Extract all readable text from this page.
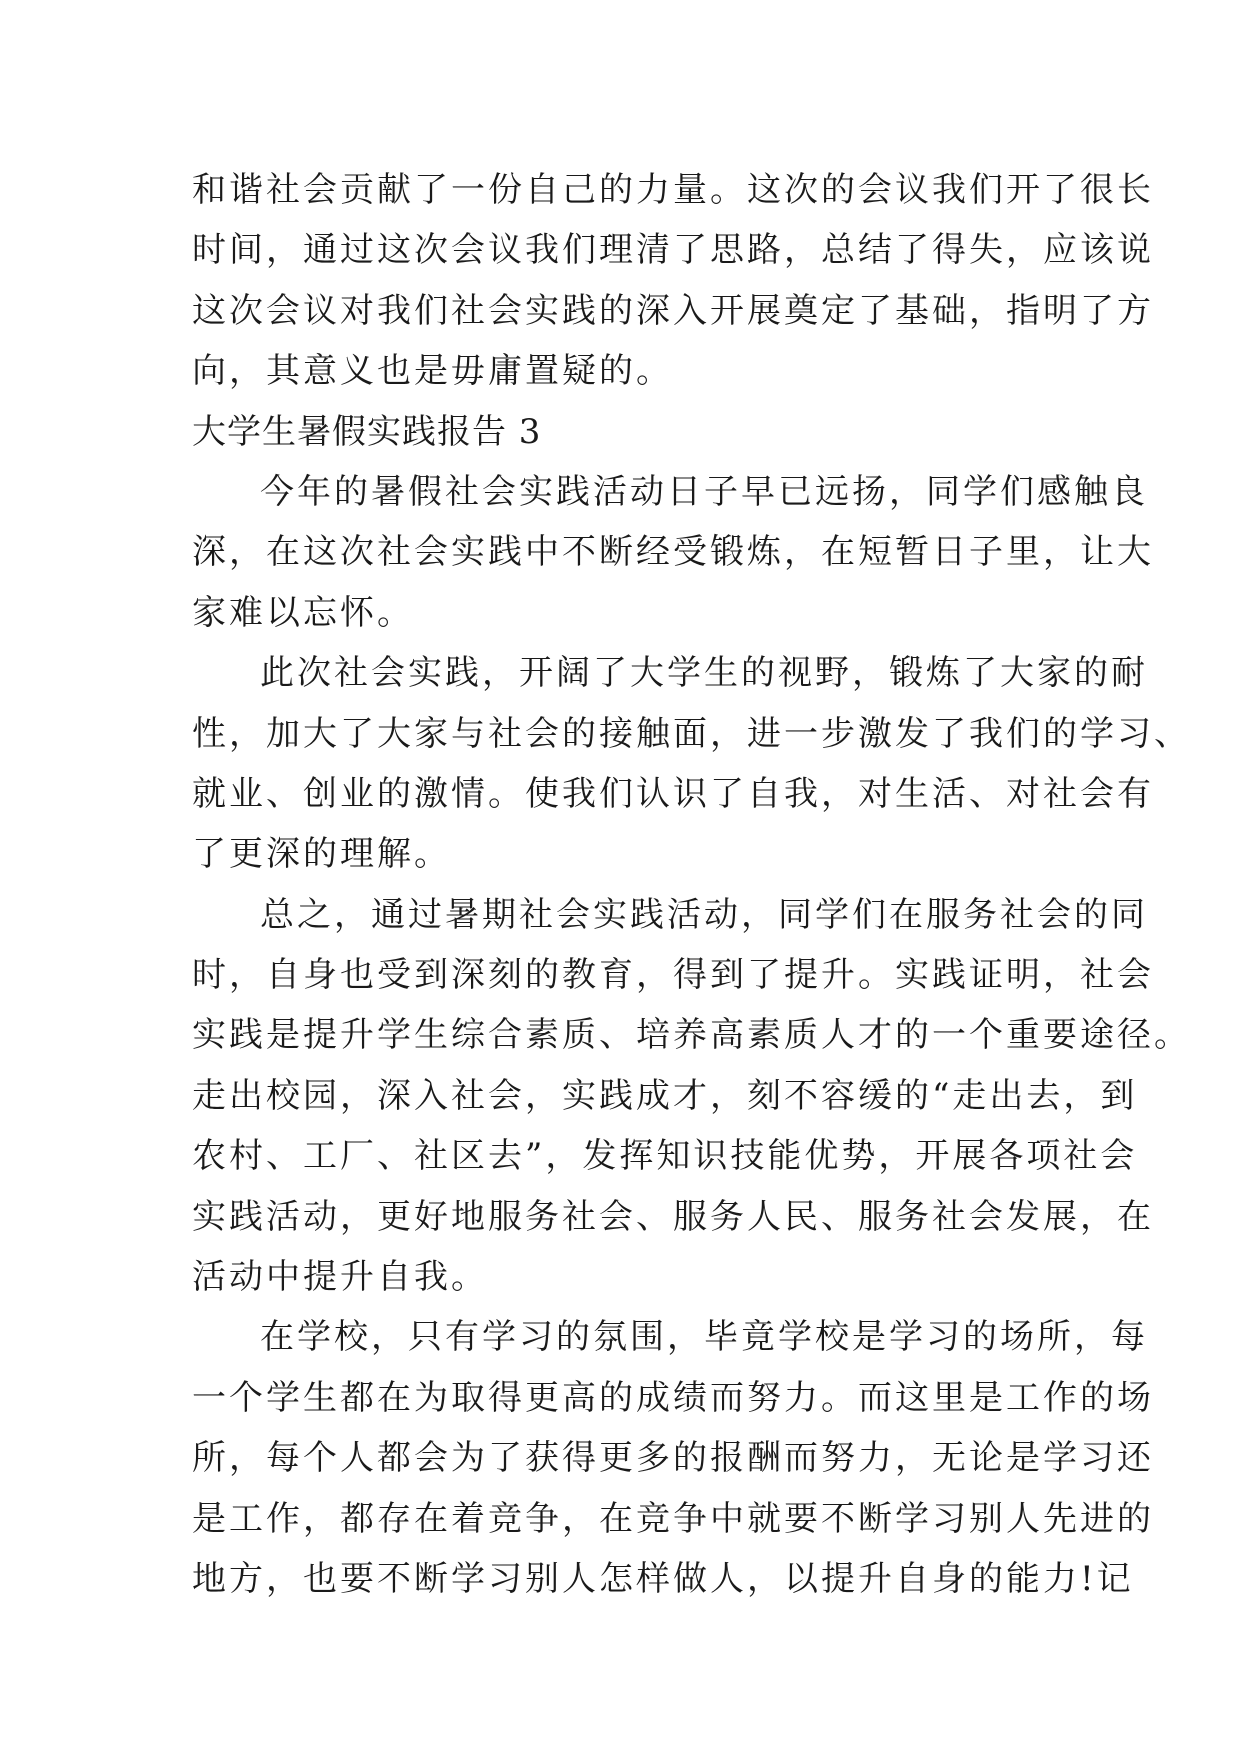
和谐社会贡献了一份自己的力量。这次的会议我们开了很长
时间，通过这次会议我们理清了思路，总结了得失，应该说
这次会议对我们社会实践的深入开展奠定了基础，指明了方
向，其意义也是毋庸置疑的。
大学生暑假实践报告 3
今年的暑假社会实践活动日子早已远扬，同学们感触良
深，在这次社会实践中不断经受锻炼，在短暂日子里，让大
家难以忘怀。
此次社会实践，开阔了大学生的视野，锻炼了大家的耐
性，加大了大家与社会的接触面，进一步激发了我们的学习、
就业、创业的激情。使我们认识了自我，对生活、对社会有
了更深的理解。
总之，通过暑期社会实践活动，同学们在服务社会的同
时，自身也受到深刻的教育，得到了提升。实践证明，社会
实践是提升学生综合素质、培养高素质人才的一个重要途径。
走出校园，深入社会，实践成才，刻不容缓的“走出去，到
农村、工厂、社区去”，发挥知识技能优势，开展各项社会
实践活动，更好地服务社会、服务人民、服务社会发展，在
活动中提升自我。
在学校，只有学习的氛围，毕竟学校是学习的场所，每
一个学生都在为取得更高的成绩而努力。而这里是工作的场
所，每个人都会为了获得更多的报酬而努力，无论是学习还
是工作，都存在着竞争，在竞争中就要不断学习别人先进的
地方，也要不断学习别人怎样做人，以提升自身的能力!记
